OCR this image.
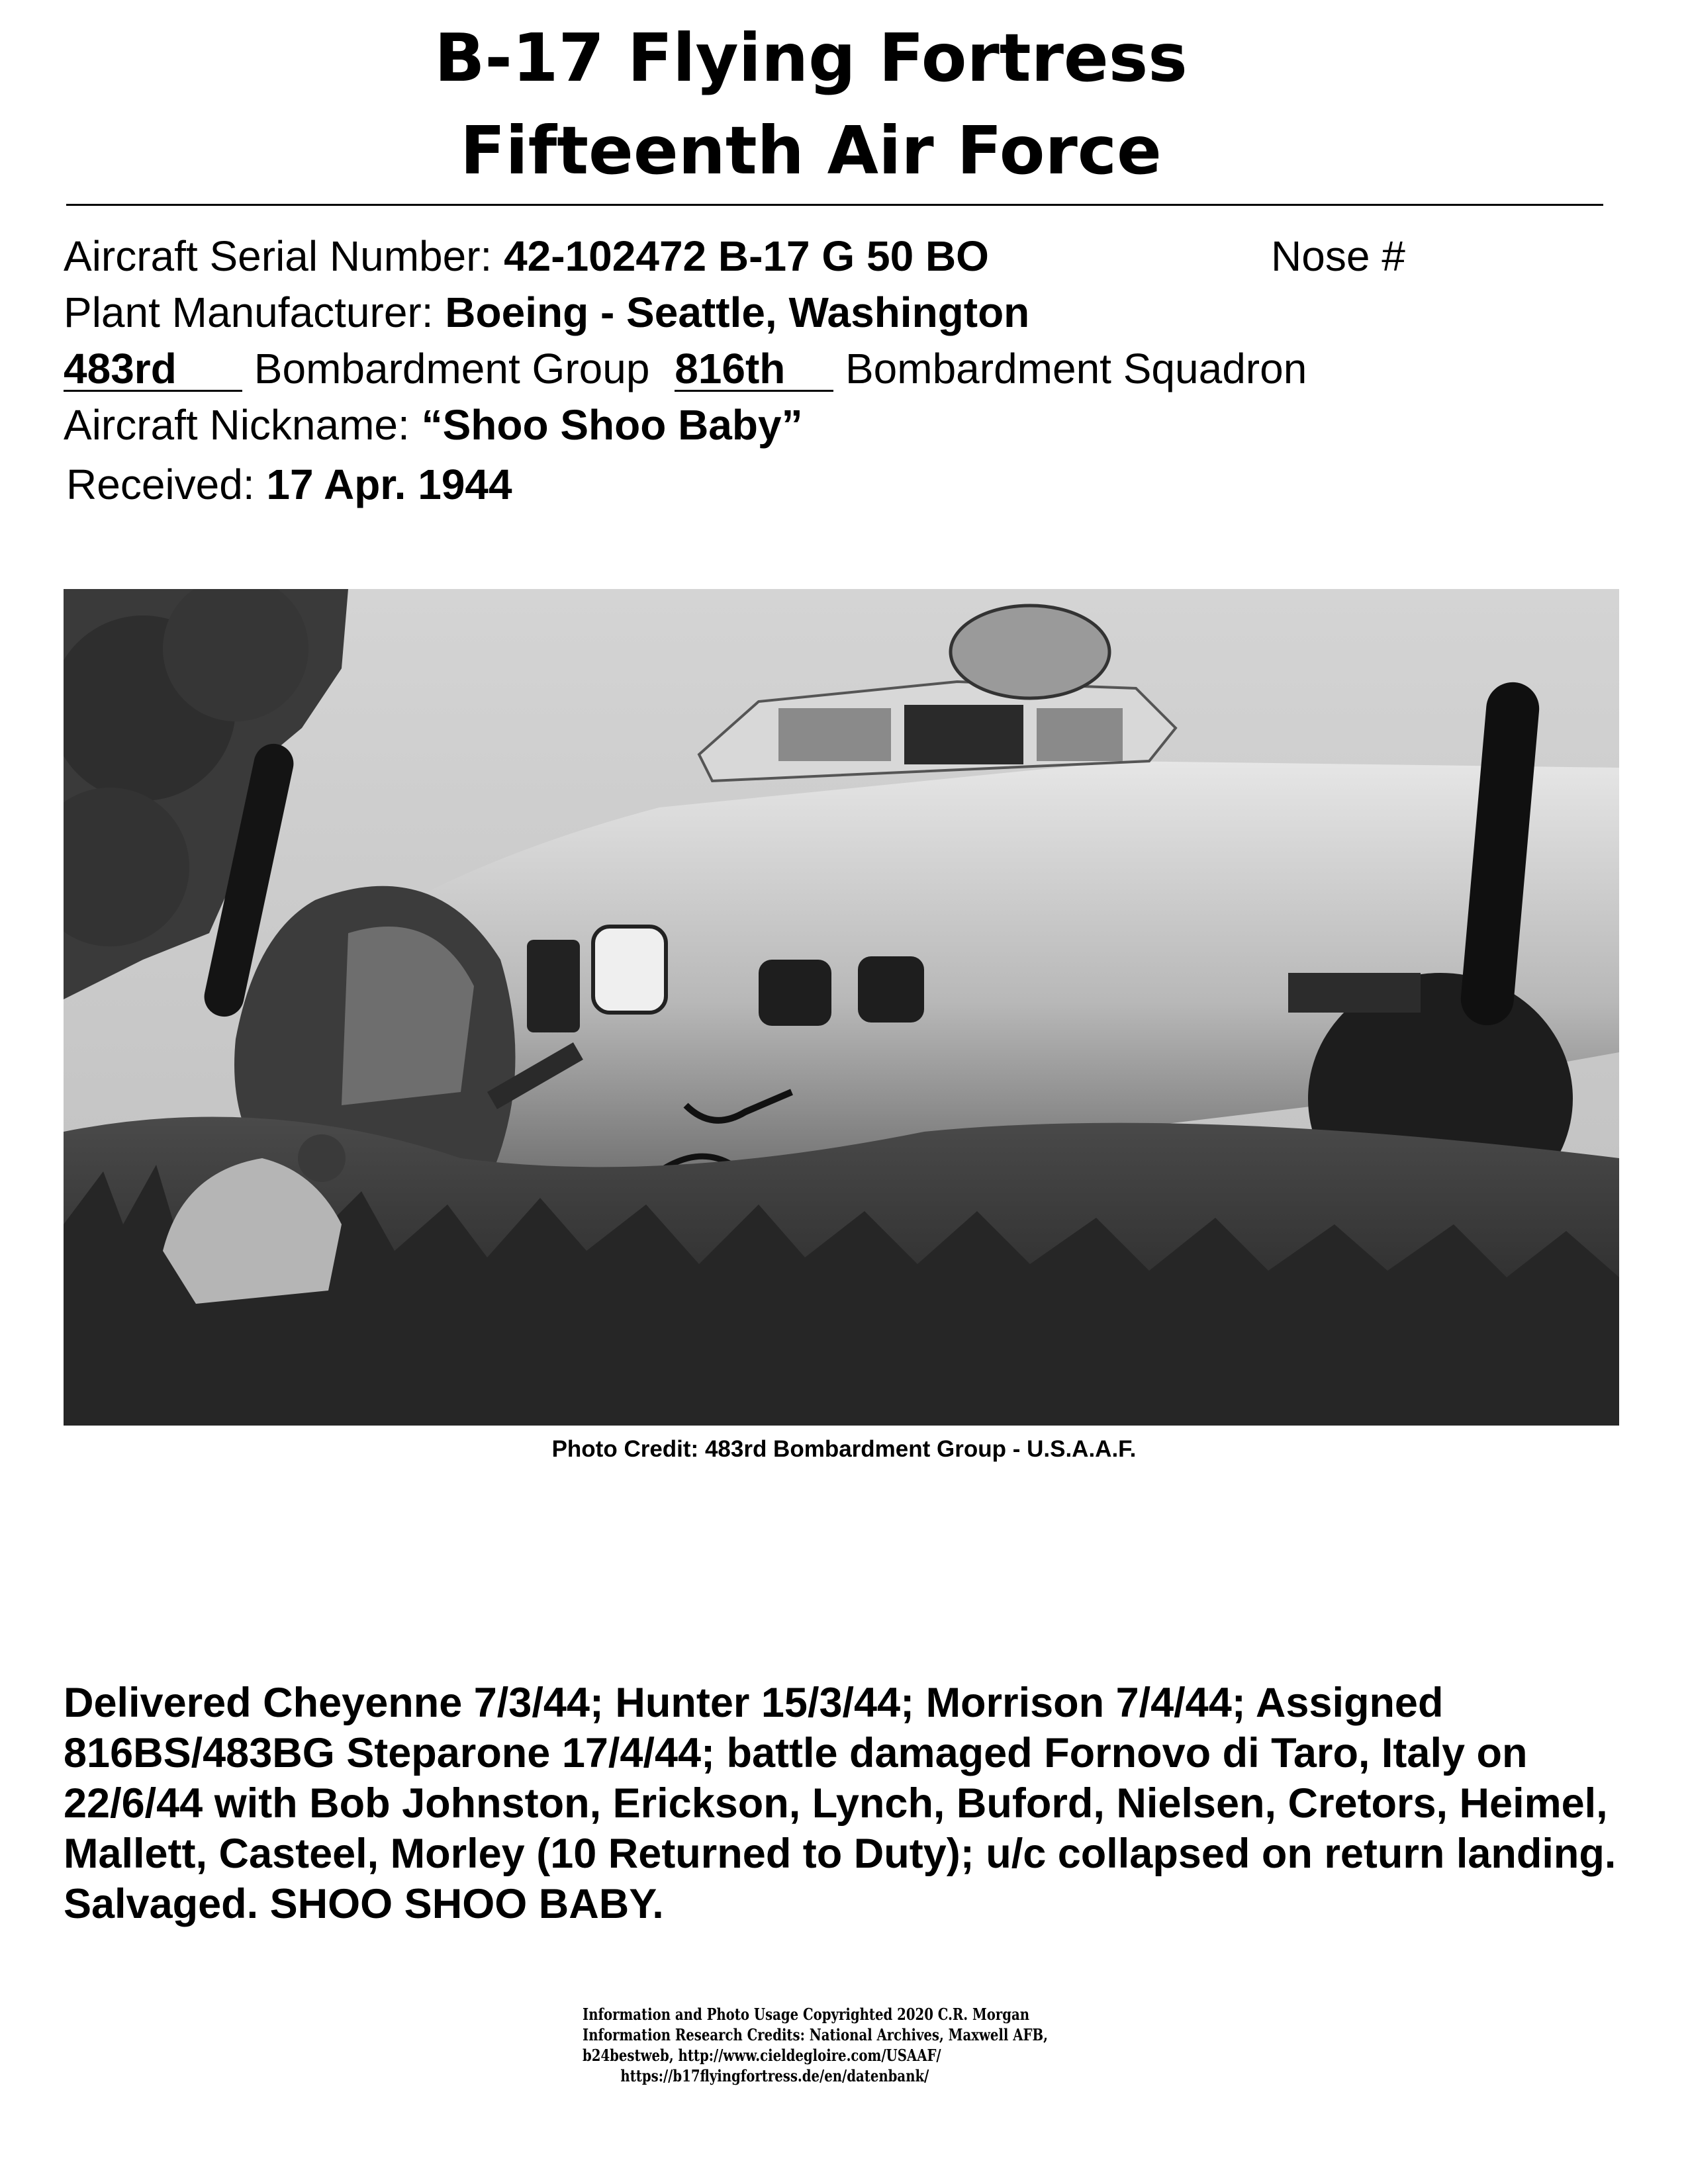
B-17 Flying Fortress
Fifteenth Air Force
Aircraft Serial Number: 42-102472 B-17 G 50 BO	Nose #
Plant Manufacturer: Boeing - Seattle, Washington
483rd Bombardment Group 816th Bombardment Squadron
Aircraft Nickname: “Shoo Shoo Baby”
Received: 17 Apr. 1944
Photo Credit: 483rd Bombardment Group - U.S.A.A.F.
Delivered Cheyenne 7/3/44; Hunter 15/3/44; Morrison 7/4/44; Assigned 816BS/483BG Steparone 17/4/44; battle damaged Fornovo di Taro, Italy on 22/6/44 with Bob Johnston, Erickson, Lynch, Buford, Nielsen, Cretors, Heimel, Mallett, Casteel, Morley (10 Returned to Duty); u/c collapsed on return landing. Salvaged. SHOO SHOO BABY.
Information and Photo Usage Copyrighted 2020 C.R. Morgan
Information Research Credits: National Archives, Maxwell AFB,
b24bestweb, http://www.cieldegloire.com/USAAF/
https://b17flyingfortress.de/en/datenbank/
